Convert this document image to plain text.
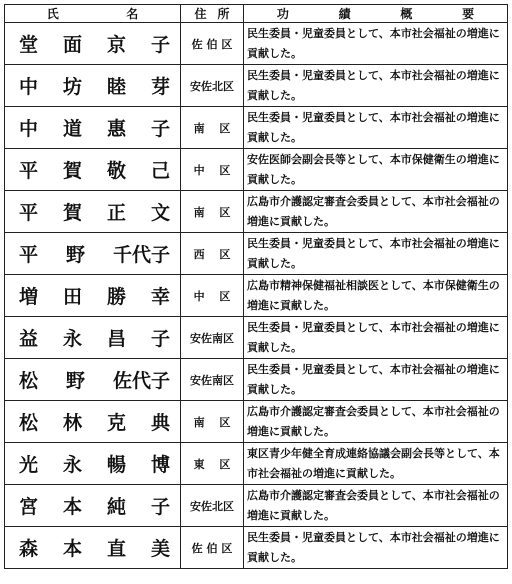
氏 名	住 所	功 績 概 要

堂 面 京 子	佐 伯 区	民生委員・児童委員として、本市社会福祉の増進に貢献した。

中 坊 睦 芽	安佐北区	民生委員・児童委員として、本市社会福祉の増進に貢献した。

中 道 惠 子	南　 区	民生委員・児童委員として、本市社会福祉の増進に貢献した。

平 賀 敬 己	中　 区	安佐医師会副会長等として、本市保健衛生の増進に貢献した。

平 賀 正 文	南　 区	広島市介護認定審査会委員として、本市社会福祉の増進に貢献した。

平 野 千代子	西　 区	民生委員・児童委員として、本市社会福祉の増進に貢献した。

増 田 勝 幸	中　 区	広島市精神保健福祉相談医として、本市保健衛生の増進に貢献した。

益 永 昌 子	安佐南区	民生委員・児童委員として、本市社会福祉の増進に貢献した。

松 野 佐代子	安佐南区	民生委員・児童委員として、本市社会福祉の増進に貢献した。

松 林 克 典	南　 区	広島市介護認定審査会委員として、本市社会福祉の増進に貢献した。

光 永 暢 博	東　 区	東区青少年健全育成連絡協議会副会長等として、本市社会福祉の増進に貢献した。

宮 本 純 子	安佐北区	広島市介護認定審査会委員として、本市社会福祉の増進に貢献した。

森 本 直 美	佐 伯 区	民生委員・児童委員として、本市社会福祉の増進に貢献した。
